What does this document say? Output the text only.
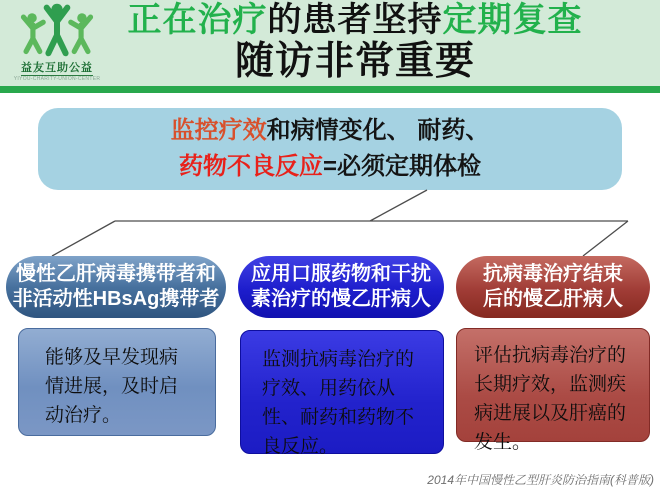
益友互助公益
YIYOU-CHARITY-UNION-CENTER
正在治疗的患者坚持定期复查
随访非常重要
监控疗效和病情变化、 耐药、
药物不良反应=必须定期体检
慢性乙肝病毒携带者和
非活动性HBsAg携带者
应用口服药物和干扰
素治疗的慢乙肝病人
抗病毒治疗结束
后的慢乙肝病人
能够及早发现病情进展，及时启动治疗。
监测抗病毒治疗的疗效、用药依从性、耐药和药物不良反应。
评估抗病毒治疗的长期疗效，监测疾病进展以及肝癌的发生。
2014年中国慢性乙型肝炎防治指南(科普版)
